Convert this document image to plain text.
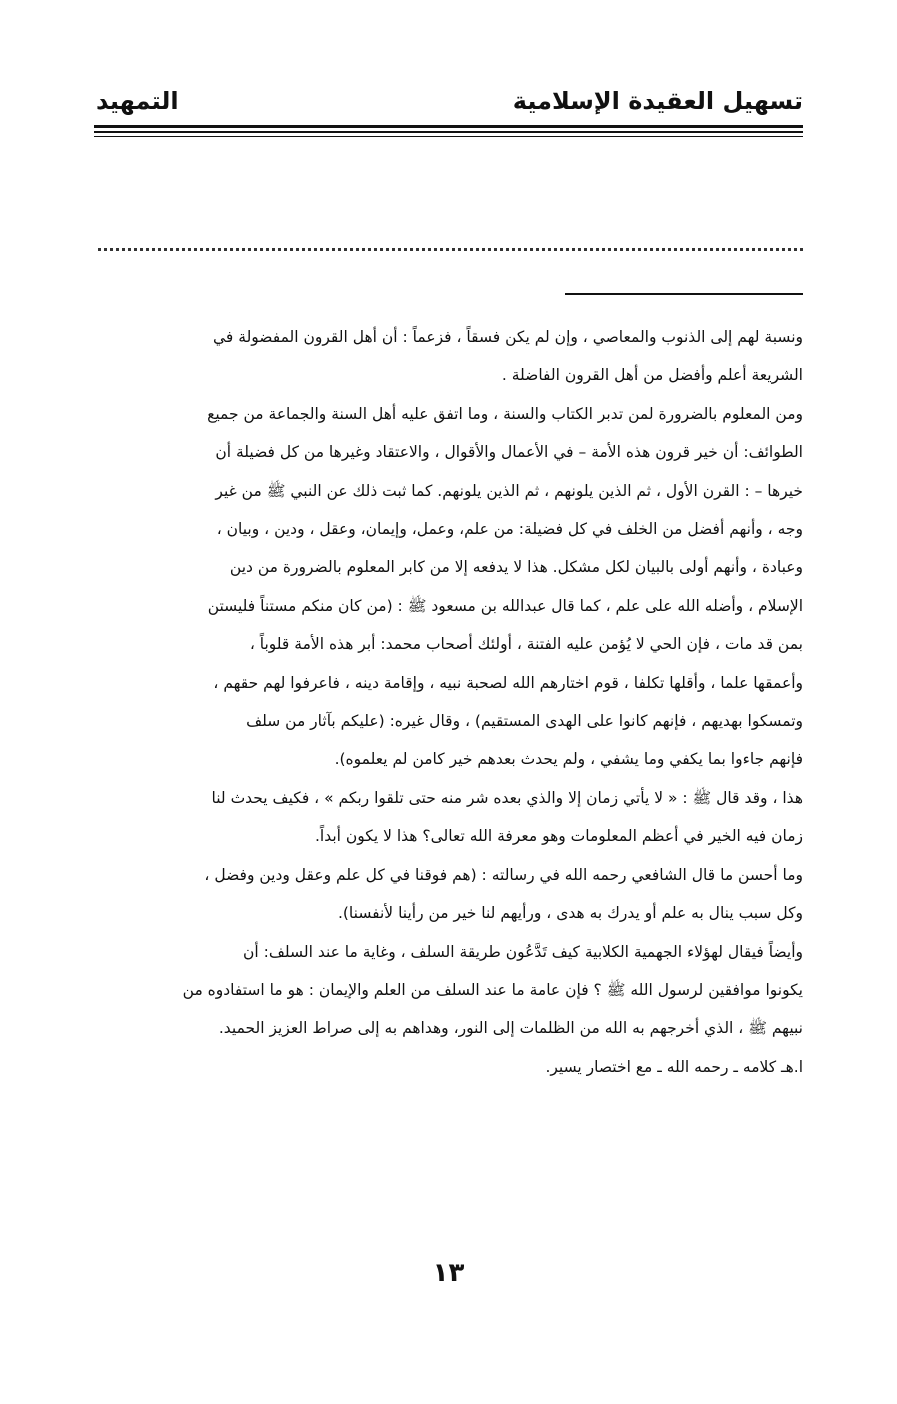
تسهيل العقيدة الإسلامية
التمهيد

ونسبة لهم إلى الذنوب والمعاصي ، وإن لم يكن فسقاً ، فزعماً : أن أهل القرون المفضولة في

الشريعة أعلم وأفضل من أهل القرون الفاضلة .

ومن المعلوم بالضرورة لمن تدبر الكتاب والسنة ، وما اتفق عليه أهل السنة والجماعة من جميع

الطوائف: أن خير قرون هذه الأمة – في الأعمال والأقوال ، والاعتقاد وغيرها من كل فضيلة أن

خيرها – : القرن الأول ، ثم الذين يلونهم ، ثم الذين يلونهم. كما ثبت ذلك عن النبي ﷺ من غير

وجه ، وأنهم أفضل من الخلف في كل فضيلة: من علم، وعمل، وإيمان، وعقل ، ودين ، وبيان ،

وعبادة ، وأنهم أولى بالبيان لكل مشكل. هذا لا يدفعه إلا من كابر المعلوم بالضرورة من دين

الإسلام ، وأضله الله على علم ، كما قال عبدالله بن مسعود ﷺ : (من كان منكم مستناً فليستن

بمن قد مات ، فإن الحي لا يُؤمن عليه الفتنة ، أولئك أصحاب محمد: أبر هذه الأمة قلوباً ،

وأعمقها علما ، وأقلها تكلفا ، قوم اختارهم الله لصحبة نبيه ، وإقامة دينه ، فاعرفوا لهم حقهم ،

وتمسكوا بهديهم ، فإنهم كانوا على الهدى المستقيم) ، وقال غيره: (عليكم بآثار من سلف

فإنهم جاءوا بما يكفي وما يشفي ، ولم يحدث بعدهم خير كامن لم يعلموه).

هذا ، وقد قال ﷺ : « لا يأتي زمان إلا والذي بعده شر منه حتى تلقوا ربكم » ، فكيف يحدث لنا

زمان فيه الخير في أعظم المعلومات وهو معرفة الله تعالى؟ هذا لا يكون أبداً.

وما أحسن ما قال الشافعي رحمه الله في رسالته : (هم فوقنا في كل علم وعقل ودين وفضل ،

وكل سبب ينال به علم أو يدرك به هدى ، ورأيهم لنا خير من رأينا لأنفسنا).

وأيضاً فيقال لهؤلاء الجهمية الكلابية كيف تَدَّعُون طريقة السلف ، وغاية ما عند السلف: أن

يكونوا موافقين لرسول الله ﷺ ؟ فإن عامة ما عند السلف من العلم والإيمان : هو ما استفادوه من

نبيهم ﷺ ، الذي أخرجهم به الله من الظلمات إلى النور، وهداهم به إلى صراط العزيز الحميد.

ا.هـ كلامه ـ رحمه الله ـ مع اختصار يسير.

١٣
